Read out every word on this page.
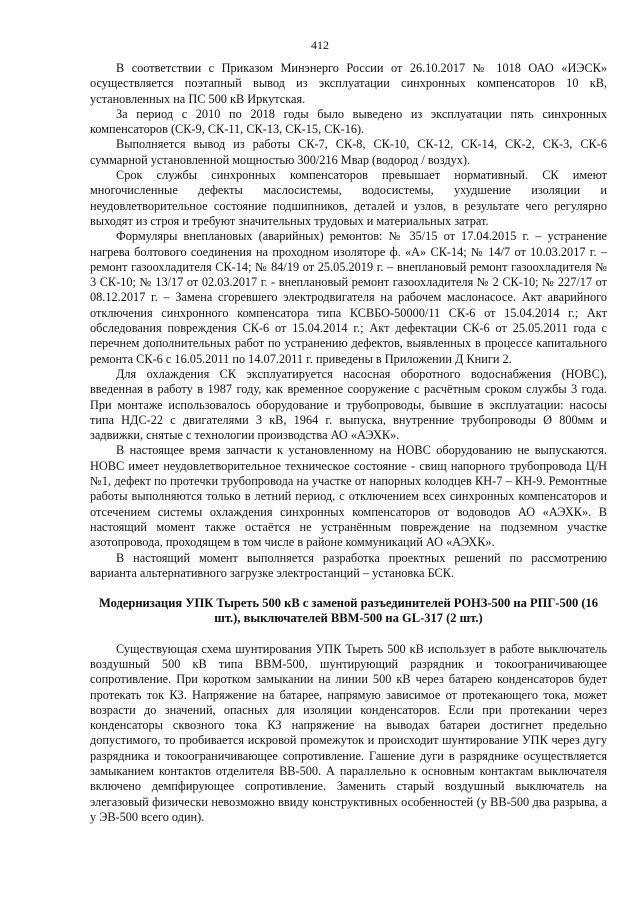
412

В соответствии с Приказом Минэнерго России от 26.10.2017 № 1018 ОАО «ИЭСК» осуществляется поэтапный вывод из эксплуатации синхронных компенсаторов 10 кВ, установленных на ПС 500 кВ Иркутская.

За период с 2010 по 2018 годы было выведено из эксплуатации пять синхронных компенсаторов (СК-9, СК-11, СК-13, СК-15, СК-16).

Выполняется вывод из работы СК-7, СК-8, СК-10, СК-12, СК-14, СК-2, СК-3, СК-6 суммарной установленной мощностью 300/216 Мвар (водород / воздух).

Срок службы синхронных компенсаторов превышает нормативный. СК имеют многочисленные дефекты маслосистемы, водосистемы, ухудшение изоляции и неудовлетворительное состояние подшипников, деталей и узлов, в результате чего регулярно выходят из строя и требуют значительных трудовых и материальных затрат.

Формуляры внеплановых (аварийных) ремонтов: № 35/15 от 17.04.2015 г. – устранение нагрева болтового соединения на проходном изоляторе ф. «А» СК-14; № 14/7 от 10.03.2017 г. – ремонт газоохладителя СК-14; № 84/19 от 25.05.2019 г. – внеплановый ремонт газоохладителя № 3 СК-10; № 13/17 от 02.03.2017 г. - внеплановый ремонт газоохладителя № 2 СК-10; № 227/17 от 08.12.2017 г. – Замена сгоревшего электродвигателя на рабочем маслонасосе. Акт аварийного отключения синхронного компенсатора типа КСВБО-50000/11 СК-6 от 15.04.2014 г.; Акт обследования повреждения СК-6 от 15.04.2014 г.; Акт дефектации СК-6 от 25.05.2011 года с перечнем дополнительных работ по устранению дефектов, выявленных в процессе капитального ремонта СК-6 с 16.05.2011 по 14.07.2011 г. приведены в Приложении Д Книги 2.

Для охлаждения СК эксплуатируется насосная оборотного водоснабжения (НОВС), введенная в работу в 1987 году, как временное сооружение с расчётным сроком службы 3 года. При монтаже использовалось оборудование и трубопроводы, бывшие в эксплуатации: насосы типа НДС-22 с двигателями 3 кВ, 1964 г. выпуска, внутренние трубопроводы Ø 800мм и задвижки, снятые с технологии производства АО «АЭХК».

В настоящее время запчасти к установленному на НОВС оборудованию не выпускаются. НОВС имеет неудовлетворительное техническое состояние - свищ напорного трубопровода Ц/Н №1, дефект по протечки трубопровода на участке от напорных колодцев КН-7 – КН-9. Ремонтные работы выполняются только в летний период, с отключением всех синхронных компенсаторов и отсечением системы охлаждения синхронных компенсаторов от водоводов АО «АЭХК». В настоящий момент также остаётся не устранённым повреждение на подземном участке азотопровода, проходящем в том числе в районе коммуникаций АО «АЭХК».

В настоящий момент выполняется разработка проектных решений по рассмотрению варианта альтернативного загрузке электростанций – установка БСК.

Модернизация УПК Тыреть 500 кВ с заменой разъединителей РОНЗ-500 на РПГ-500 (16 шт.), выключателей ВВМ-500 на GL-317 (2 шт.)

Существующая схема шунтирования УПК Тыреть 500 кВ использует в работе выключатель воздушный 500 кВ типа ВВМ-500, шунтирующий разрядник и токоограничивающее сопротивление. При коротком замыкании на линии 500 кВ через батарею конденсаторов будет протекать ток КЗ. Напряжение на батарее, напрямую зависимое от протекающего тока, может возрасти до значений, опасных для изоляции конденсаторов. Если при протекании через конденсаторы сквозного тока КЗ напряжение на выводах батареи достигнет предельно допустимого, то пробивается искровой промежуток и происходит шунтирование УПК через дугу разрядника и токоограничивающее сопротивление. Гашение дуги в разряднике осуществляется замыканием контактов отделителя ВВ-500. А параллельно к основным контактам выключателя включено демпфирующее сопротивление. Заменить старый воздушный выключатель на элегазовый физически невозможно ввиду конструктивных особенностей (у ВВ-500 два разрыва, а у ЭВ-500 всего один).
